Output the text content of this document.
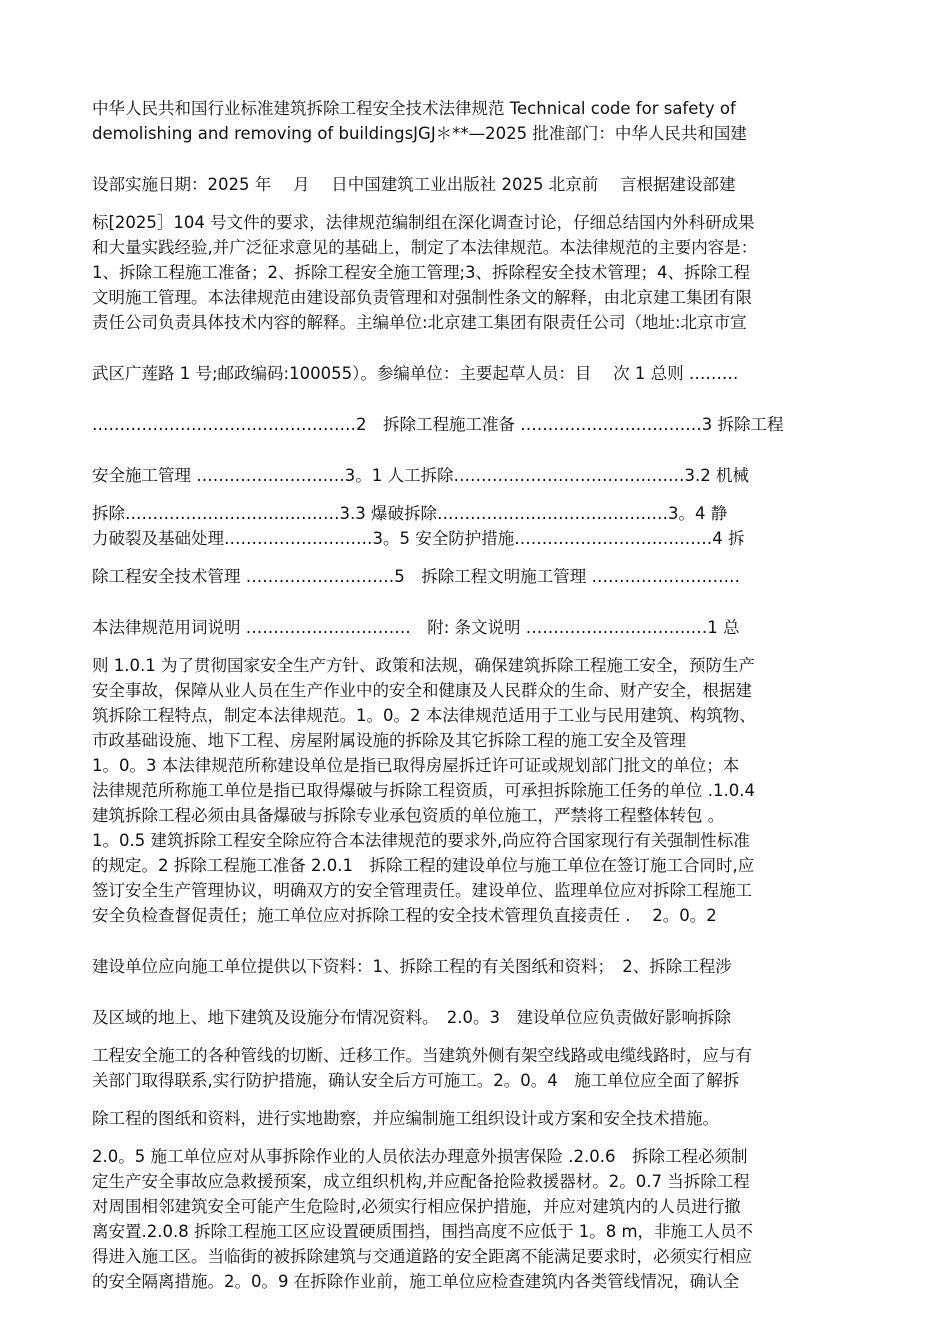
中华人民共和国行业标准建筑拆除工程安全技术法律规范 Technical code for safety of
demolishing and removing of buildingsJGJ＊**—2025 批准部门：中华人民共和国建
设部实施日期：2025 年　 月　 日中国建筑工业出版社 2025 北京前　 言根据建设部建
标[2025］104 号文件的要求，法律规范编制组在深化调查讨论，仔细总结国内外科研成果
和大量实践经验,并广泛征求意见的基础上，制定了本法律规范。本法律规范的主要内容是：
1、拆除工程施工准备；2、拆除工程安全施工管理;3、拆除程安全技术管理；4、拆除工程
文明施工管理。本法律规范由建设部负责管理和对强制性条文的解释，由北京建工集团有限
责任公司负责具体技术内容的解释。主编单位:北京建工集团有限责任公司（地址:北京市宣
武区广莲路 1 号;邮政编码:100055）。参编单位：主要起草人员：目　 次 1 总则 ………
…………………………………………2　拆除工程施工准备 ……………………………3 拆除工程
安全施工管理 ………………………3。1 人工拆除……………………………………3.2 机械
拆除…………………………………3.3 爆破拆除……………………………………3。4 静
力破裂及基础处理………………………3。5 安全防护措施………………………………4 拆
除工程安全技术管理 ………………………5　拆除工程文明施工管理 ………………………
本法律规范用词说明 …………………………　附: 条文说明 ……………………………1 总
则 1.0.1 为了贯彻国家安全生产方针、政策和法规，确保建筑拆除工程施工安全，预防生产
安全事故，保障从业人员在生产作业中的安全和健康及人民群众的生命、财产安全，根据建
筑拆除工程特点，制定本法律规范。1。0。2 本法律规范适用于工业与民用建筑、构筑物、
市政基础设施、地下工程、房屋附属设施的拆除及其它拆除工程的施工安全及管理
1。0。3 本法律规范所称建设单位是指已取得房屋拆迁许可证或规划部门批文的单位；本
法律规范所称施工单位是指已取得爆破与拆除工程资质，可承担拆除施工任务的单位 .1.0.4
建筑拆除工程必须由具备爆破与拆除专业承包资质的单位施工，严禁将工程整体转包 。
1。0.5 建筑拆除工程安全除应符合本法律规范的要求外,尚应符合国家现行有关强制性标准
的规定。2 拆除工程施工准备 2.0.1　拆除工程的建设单位与施工单位在签订施工合同时,应
签订安全生产管理协议，明确双方的安全管理责任。建设单位、监理单位应对拆除工程施工
安全负检查督促责任；施工单位应对拆除工程的安全技术管理负直接责任 .　 2。0。2
建设单位应向施工单位提供以下资料：1、拆除工程的有关图纸和资料；　2、拆除工程涉
及区域的地上、地下建筑及设施分布情况资料。　2.0。3　建设单位应负责做好影响拆除
工程安全施工的各种管线的切断、迁移工作。当建筑外侧有架空线路或电缆线路时，应与有
关部门取得联系,实行防护措施，确认安全后方可施工。2。0。4　施工单位应全面了解拆
除工程的图纸和资料，进行实地勘察，并应编制施工组织设计或方案和安全技术措施。
2.0。5 施工单位应对从事拆除作业的人员依法办理意外损害保险 .2.0.6　拆除工程必须制
定生产安全事故应急救援预案，成立组织机构,并应配备抢险救援器材。2。0.7 当拆除工程
对周围相邻建筑安全可能产生危险时,必须实行相应保护措施，并应对建筑内的人员进行撤
离安置.2.0.8 拆除工程施工区应设置硬质围挡，围挡高度不应低于 1。8 m，非施工人员不
得进入施工区。当临街的被拆除建筑与交通道路的安全距离不能满足要求时，必须实行相应
的安全隔离措施。2。0。9 在拆除作业前，施工单位应检查建筑内各类管线情况，确认全
